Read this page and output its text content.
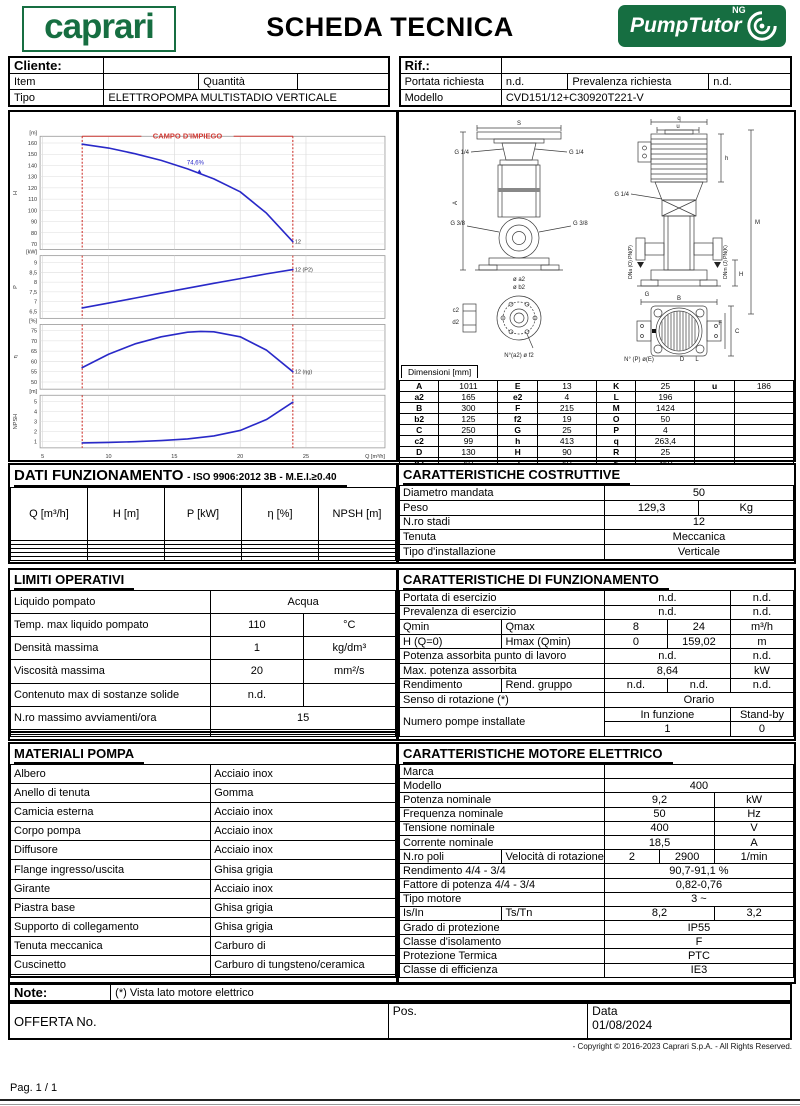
caprari	SCHEDA TECNICA	PumpTutor
NG
Cliente:			
Item		Quantità	
Tipo	ELETTROPOMPA MULTISTADIO VERTICALE		
Rif.:			
Portata richiesta	n.d.	Prevalenza richiesta	n.d.
Modello	CVD151/12+C30920T221-V		
70
80
90
100
110
120
130
140
150
160
[m]
H
12
74,6%
CAMPO D'IMPIEGO
6,5
7
7,5
8
8,5
9
[kW]
P
12 (P2)
50
55
60
65
70
75
[%]
η
12 (ηg)
1
2
3
4
5
[m]
NPSH
5	10	15	20	25	Q [m³/h]
S
A
G 1/4	G 1/4
G 3/8	G 3/8
ø a2
ø b2
c2
d2
N°(a2) ø f2
q
u
h
M
G 1/4
DNa (O) PN(P)	DNm (J) PN(K) H
G
B
N° (P) ø(E)	D L
C
F
Dimensioni [mm]
A	1011	E	13	K	25	u	186
a2	165	e2	4	L	196		
B	300	F	215	M	1424		
b2	125	f2	19	O	50		
C	250	G	25	P	4		
c2	99	h	413	q	263,4		
D	130	H	90	R	25		

DATI FUNZIONAMENTO - ISO 9906:2012 3B - M.E.I.≥0.40
Q [m³/h]	H [m]	P [kW]	η [%]	NPSH [m]

CARATTERISTICHE COSTRUTTIVE
Diametro mandata	50	
Peso	129,3	Kg
N.ro stadi	12	
Tenuta	Meccanica	
Tipo d'installazione	Verticale	

LIMITI OPERATIVI
Liquido pompato	Acqua	
Temp. max liquido pompato	110	°C
Densità massima	1	kg/dm³
Viscosità massima	20	mm²/s
Contenuto max di sostanze solide	n.d.	
N.ro massimo avviamenti/ora	15	

CARATTERISTICHE DI FUNZIONAMENTO
Portata di esercizio		n.d.		n.d.
Prevalenza di esercizio		n.d.		n.d.
Qmin	Qmax	8	24	m³/h
H (Q=0)	Hmax (Qmin)	0	159,02	m
Potenza assorbita punto di lavoro		n.d.		n.d.
Max. potenza assorbita		8,64		kW
Rendimento	Rend. gruppo	n.d.	n.d.	n.d.
Senso di rotazione (*)		Orario		
Numero pompe installate		In funzione		Stand-by
		1		0
MATERIALI POMPA
Albero	Acciaio inox
Anello di tenuta	Gomma
Camicia esterna	Acciaio inox
Corpo pompa	Acciaio inox
Diffusore	Acciaio inox
Flange ingresso/uscita	Ghisa grigia
Girante	Acciaio inox
Piastra base	Ghisa grigia
Supporto di collegamento	Ghisa grigia
Tenuta meccanica	Carburo di
Cuscinetto	Carburo di tungsteno/ceramica

CARATTERISTICHE MOTORE ELETTRICO
Marca				
Modello		400		
Potenza nominale		9,2		kW
Frequenza nominale		50		Hz
Tensione nominale		400		V
Corrente nominale		18,5		A
N.ro poli	Velocità di rotazione	2	2900	1/min
Rendimento 4/4 - 3/4		90,7-91,1 %		
Fattore di potenza 4/4 - 3/4		0,82-0,76		
Tipo motore		3 ~		
Is/In	Ts/Tn	8,2		3,2
Grado di protezione		IP55		
Classe d'isolamento		F		
Protezione Termica		PTC		
Classe di efficienza		IE3		
Note:	(*) Vista lato motore elettrico
OFFERTA No.	Pos.	Data
01/08/2024
- Copyright © 2016-2023 Caprari S.p.A. - All Rights Reserved.
Pag. 1 / 1
